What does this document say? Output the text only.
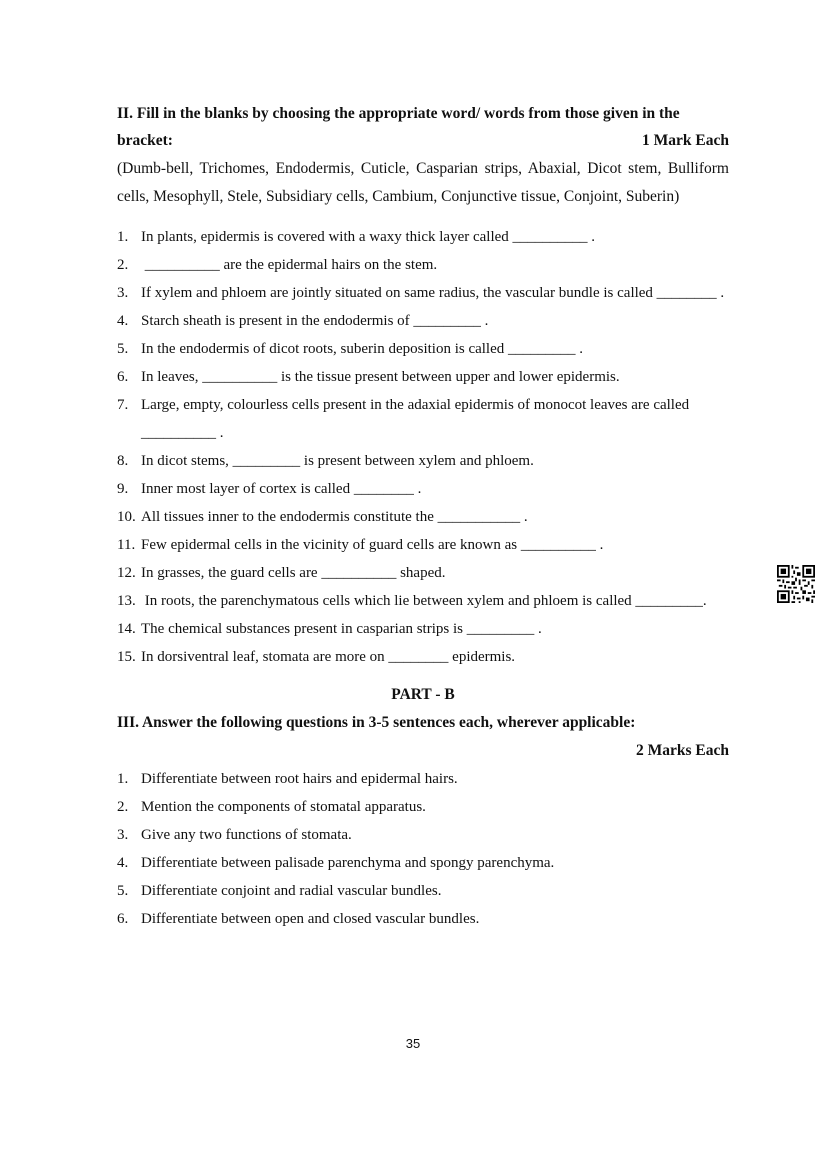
II. Fill in the blanks by choosing the appropriate word/ words from those given in the

bracket:	1 Mark Each

(Dumb-bell, Trichomes, Endodermis, Cuticle, Casparian strips, Abaxial, Dicot stem, Bulliform cells, Mesophyll, Stele, Subsidiary cells, Cambium, Conjunctive tissue, Conjoint, Suberin)

1. In plants, epidermis is covered with a waxy thick layer called __________ .
2. __________ are the epidermal hairs on the stem.
3. If xylem and phloem are jointly situated on same radius, the vascular bundle is called ________ .
4. Starch sheath is present in the endodermis of _________ .
5. In the endodermis of dicot roots, suberin deposition is called _________ .
6. In leaves, __________ is the tissue present between upper and lower epidermis.
7. Large, empty, colourless cells present in the adaxial epidermis of monocot leaves are called __________ .
8. In dicot stems, _________ is present between xylem and phloem.
9. Inner most layer of cortex is called ________ .
10. All tissues inner to the endodermis constitute the ___________ .
11. Few epidermal cells in the vicinity of guard cells are known as __________ .
12. In grasses, the guard cells are __________ shaped.
13. In roots, the parenchymatous cells which lie between xylem and phloem is called _________.
14. The chemical substances present in casparian strips is _________ .
15. In dorsiventral leaf, stomata are more on ________ epidermis.
PART - B
III. Answer the following questions in 3-5 sentences each, wherever applicable:
2 Marks Each
1. Differentiate between root hairs and epidermal hairs.
2. Mention the components of stomatal apparatus.
3. Give any two functions of stomata.
4. Differentiate between palisade parenchyma and spongy parenchyma.
5. Differentiate conjoint and radial vascular bundles.
6. Differentiate between open and closed vascular bundles.
35
